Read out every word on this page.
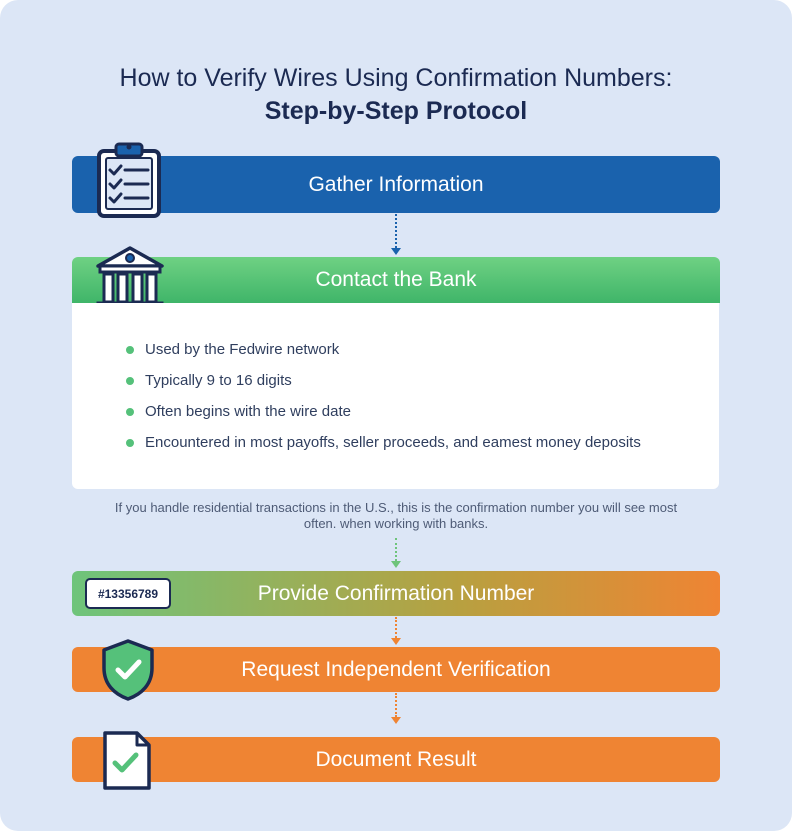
How to Verify Wires Using Confirmation Numbers:
Step-by-Step Protocol
Gather Information
Contact the Bank
Used by the Fedwire network
Typically 9 to 16 digits
Often begins with the wire date
Encountered in most payoffs, seller proceeds, and eamest money deposits
If you handle residential transactions in the U.S., this is the confirmation number you will see most often. when working with banks.
Provide Confirmation Number
#13356789
Request Independent Verification
Document Result
